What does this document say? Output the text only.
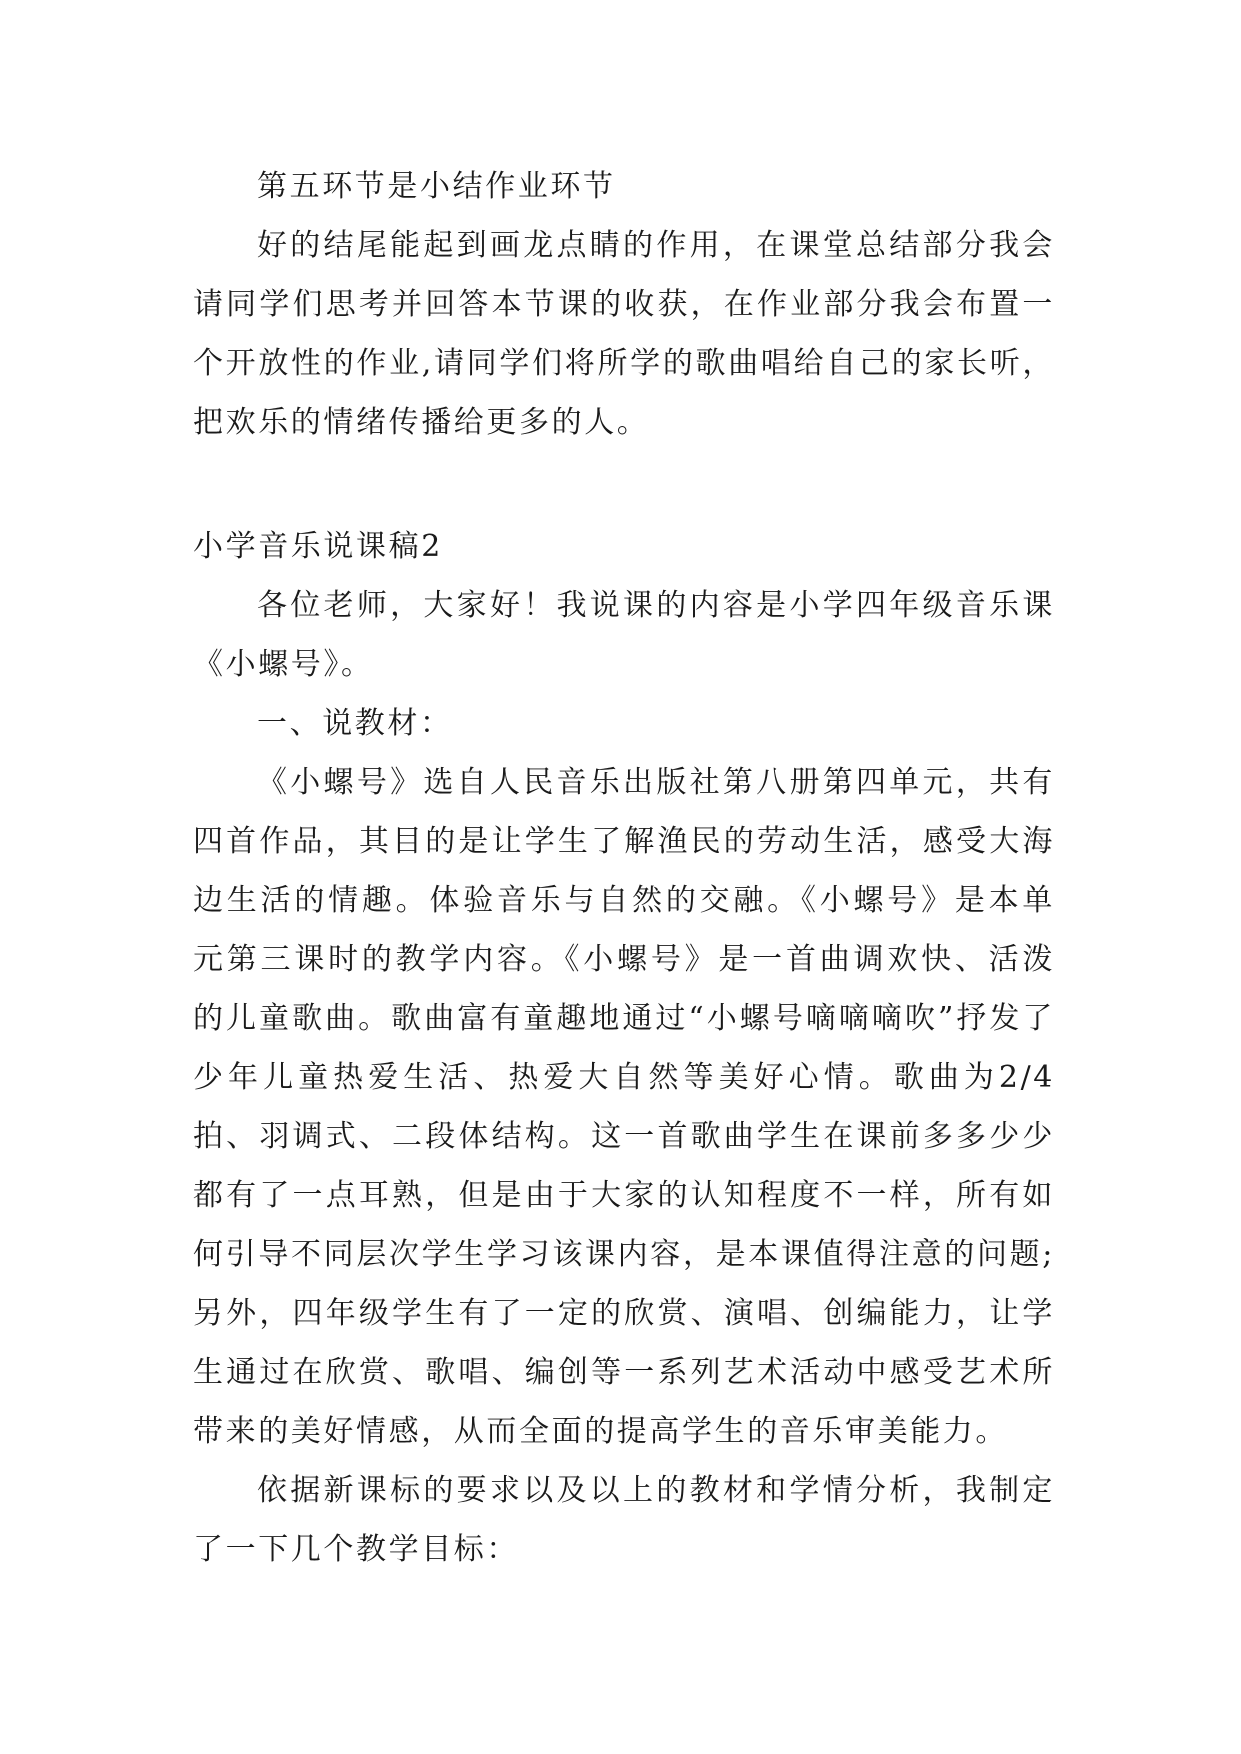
第五环节是小结作业环节

好的结尾能起到画龙点睛的作用，在课堂总结部分我会请同学们思考并回答本节课的收获，在作业部分我会布置一个开放性的作业,请同学们将所学的歌曲唱给自己的家长听，把欢乐的情绪传播给更多的人。

小学音乐说课稿2

各位老师，大家好！我说课的内容是小学四年级音乐课《小螺号》。

一、说教材：

《小螺号》选自人民音乐出版社第八册第四单元，共有四首作品，其目的是让学生了解渔民的劳动生活，感受大海边生活的情趣。体验音乐与自然的交融。《小螺号》是本单元第三课时的教学内容。《小螺号》是一首曲调欢快、活泼的儿童歌曲。歌曲富有童趣地通过“小螺号嘀嘀嘀吹”抒发了少年儿童热爱生活、热爱大自然等美好心情。歌曲为2/4拍、羽调式、二段体结构。这一首歌曲学生在课前多多少少都有了一点耳熟，但是由于大家的认知程度不一样，所有如何引导不同层次学生学习该课内容，是本课值得注意的问题;另外，四年级学生有了一定的欣赏、演唱、创编能力，让学生通过在欣赏、歌唱、编创等一系列艺术活动中感受艺术所带来的美好情感，从而全面的提高学生的音乐审美能力。

依据新课标的要求以及以上的教材和学情分析，我制定了一下几个教学目标：
